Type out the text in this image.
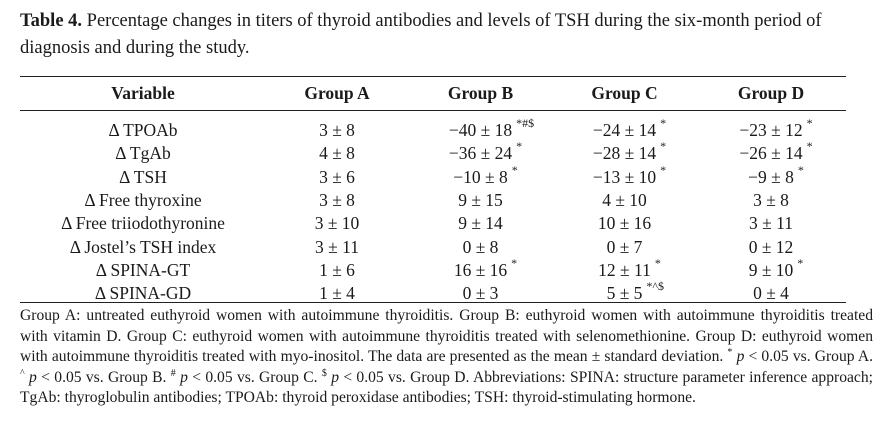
Table 4. Percentage changes in titers of thyroid antibodies and levels of TSH during the six-month period of diagnosis and during the study.
Variable	Group A	Group B	Group C	Group D

Δ TPOAb	3 ± 8	−40 ± 18 *#$	−24 ± 14 *	−23 ± 12 *

Δ TgAb	4 ± 8	−36 ± 24 *	−28 ± 14 *	−26 ± 14 *

Δ TSH	3 ± 6	−10 ± 8 *	−13 ± 10 *	−9 ± 8 *

Δ Free thyroxine	3 ± 8	9 ± 15	4 ± 10	3 ± 8
Δ Free triiodothyronine	3 ± 10	9 ± 14	10 ± 16	3 ± 11
Δ Jostel’s TSH index	3 ± 11	0 ± 8	0 ± 7	0 ± 12
Δ SPINA-GT	1 ± 6	16 ± 16 *	12 ± 11 *	9 ± 10 *

Δ SPINA-GD	1 ± 4	0 ± 3	5 ± 5 *^$	0 ± 4
Group A: untreated euthyroid women with autoimmune thyroiditis. Group B: euthyroid women with autoimmune thyroiditis treated with vitamin D. Group C: euthyroid women with autoimmune thyroiditis treated with selenomethionine. Group D: euthyroid women with autoimmune thyroiditis treated with myo-inositol. The data are presented as the mean ± standard deviation. * p < 0.05 vs. Group A. ^ p < 0.05 vs. Group B. # p < 0.05 vs. Group C. $ p < 0.05 vs. Group D. Abbreviations: SPINA: structure parameter inference approach; TgAb: thyroglobulin antibodies; TPOAb: thyroid peroxidase antibodies; TSH: thyroid-stimulating hormone.
